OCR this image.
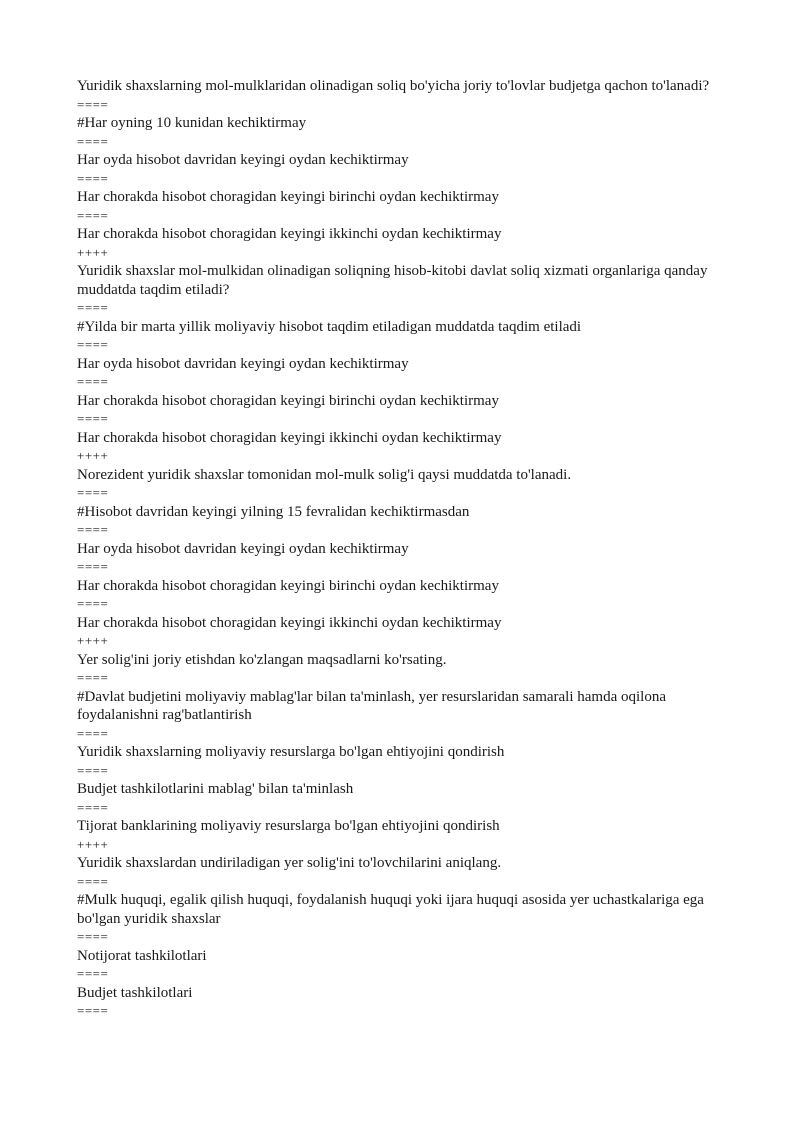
Yuridik shaxslarning mol-mulklaridan olinadigan soliq bo'yicha joriy to'lovlar budjetga qachon to'lanadi?
====
#Har oyning 10 kunidan kechiktirmay
====
Har oyda hisobot davridan keyingi oydan kechiktirmay
====
Har chorakda hisobot choragidan keyingi birinchi oydan kechiktirmay
====
Har chorakda hisobot choragidan keyingi ikkinchi oydan kechiktirmay
++++
Yuridik shaxslar mol-mulkidan olinadigan soliqning hisob-kitobi davlat soliq xizmati organlariga qanday muddatda taqdim etiladi?
====
#Yilda bir marta yillik moliyaviy hisobot taqdim etiladigan muddatda taqdim etiladi
====
Har oyda hisobot davridan keyingi oydan kechiktirmay
====
Har chorakda hisobot choragidan keyingi birinchi oydan kechiktirmay
====
Har chorakda hisobot choragidan keyingi ikkinchi oydan kechiktirmay
++++
Norezident yuridik shaxslar tomonidan mol-mulk solig'i qaysi muddatda to'lanadi.
====
#Hisobot davridan keyingi yilning 15 fevralidan kechiktirmasdan
====
Har oyda hisobot davridan keyingi oydan kechiktirmay
====
Har chorakda hisobot choragidan keyingi birinchi oydan kechiktirmay
====
Har chorakda hisobot choragidan keyingi ikkinchi oydan kechiktirmay
++++
Yer solig'ini joriy etishdan ko'zlangan maqsadlarni ko'rsating.
====
#Davlat budjetini moliyaviy mablag'lar bilan ta'minlash, yer resurslaridan samarali hamda oqilona foydalanishni rag'batlantirish
====
Yuridik shaxslarning moliyaviy resurslarga bo'lgan ehtiyojini qondirish
====
Budjet tashkilotlarini mablag' bilan ta'minlash
====
Tijorat banklarining moliyaviy resurslarga bo'lgan ehtiyojini qondirish
++++
Yuridik shaxslardan undiriladigan yer solig'ini to'lovchilarini aniqlang.
====
#Mulk huquqi, egalik qilish huquqi, foydalanish huquqi yoki ijara huquqi asosida yer uchastkalariga ega bo'lgan yuridik shaxslar
====
Notijorat tashkilotlari
====
Budjet tashkilotlari
====
